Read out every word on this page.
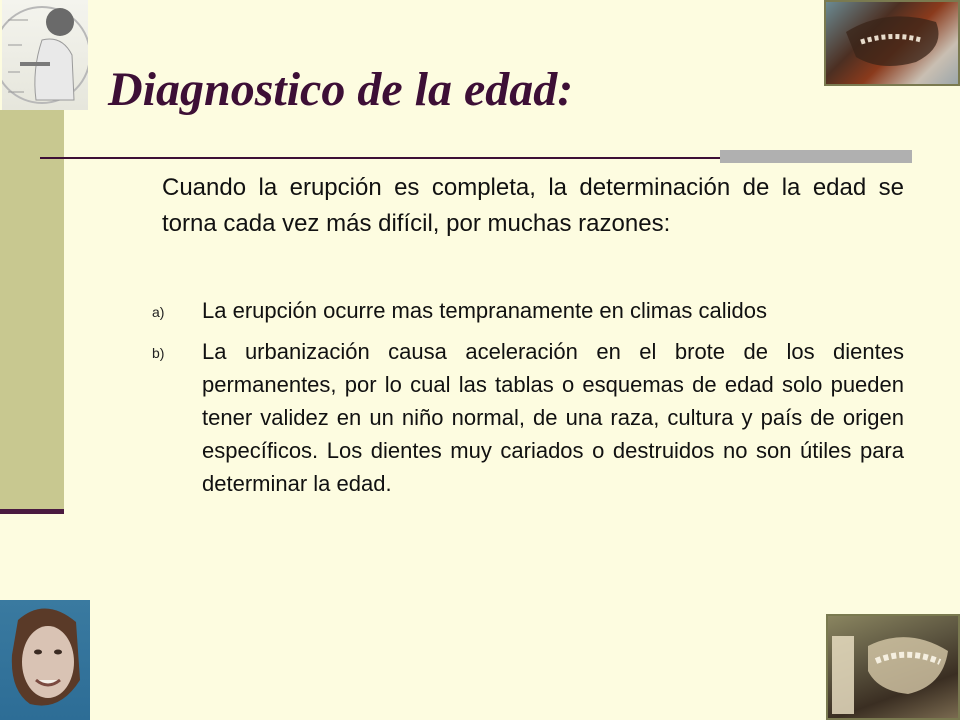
Diagnostico de la edad:

Cuando la erupción es completa, la determinación de la edad se torna cada vez más difícil, por muchas razones:

a) La erupción ocurre mas tempranamente en climas calidos
b) La urbanización causa aceleración en el brote de los dientes permanentes, por lo cual las tablas o esquemas de edad solo pueden tener validez en un niño normal, de una raza, cultura y país de origen específicos. Los dientes muy cariados o destruidos no son útiles para determinar la edad.
